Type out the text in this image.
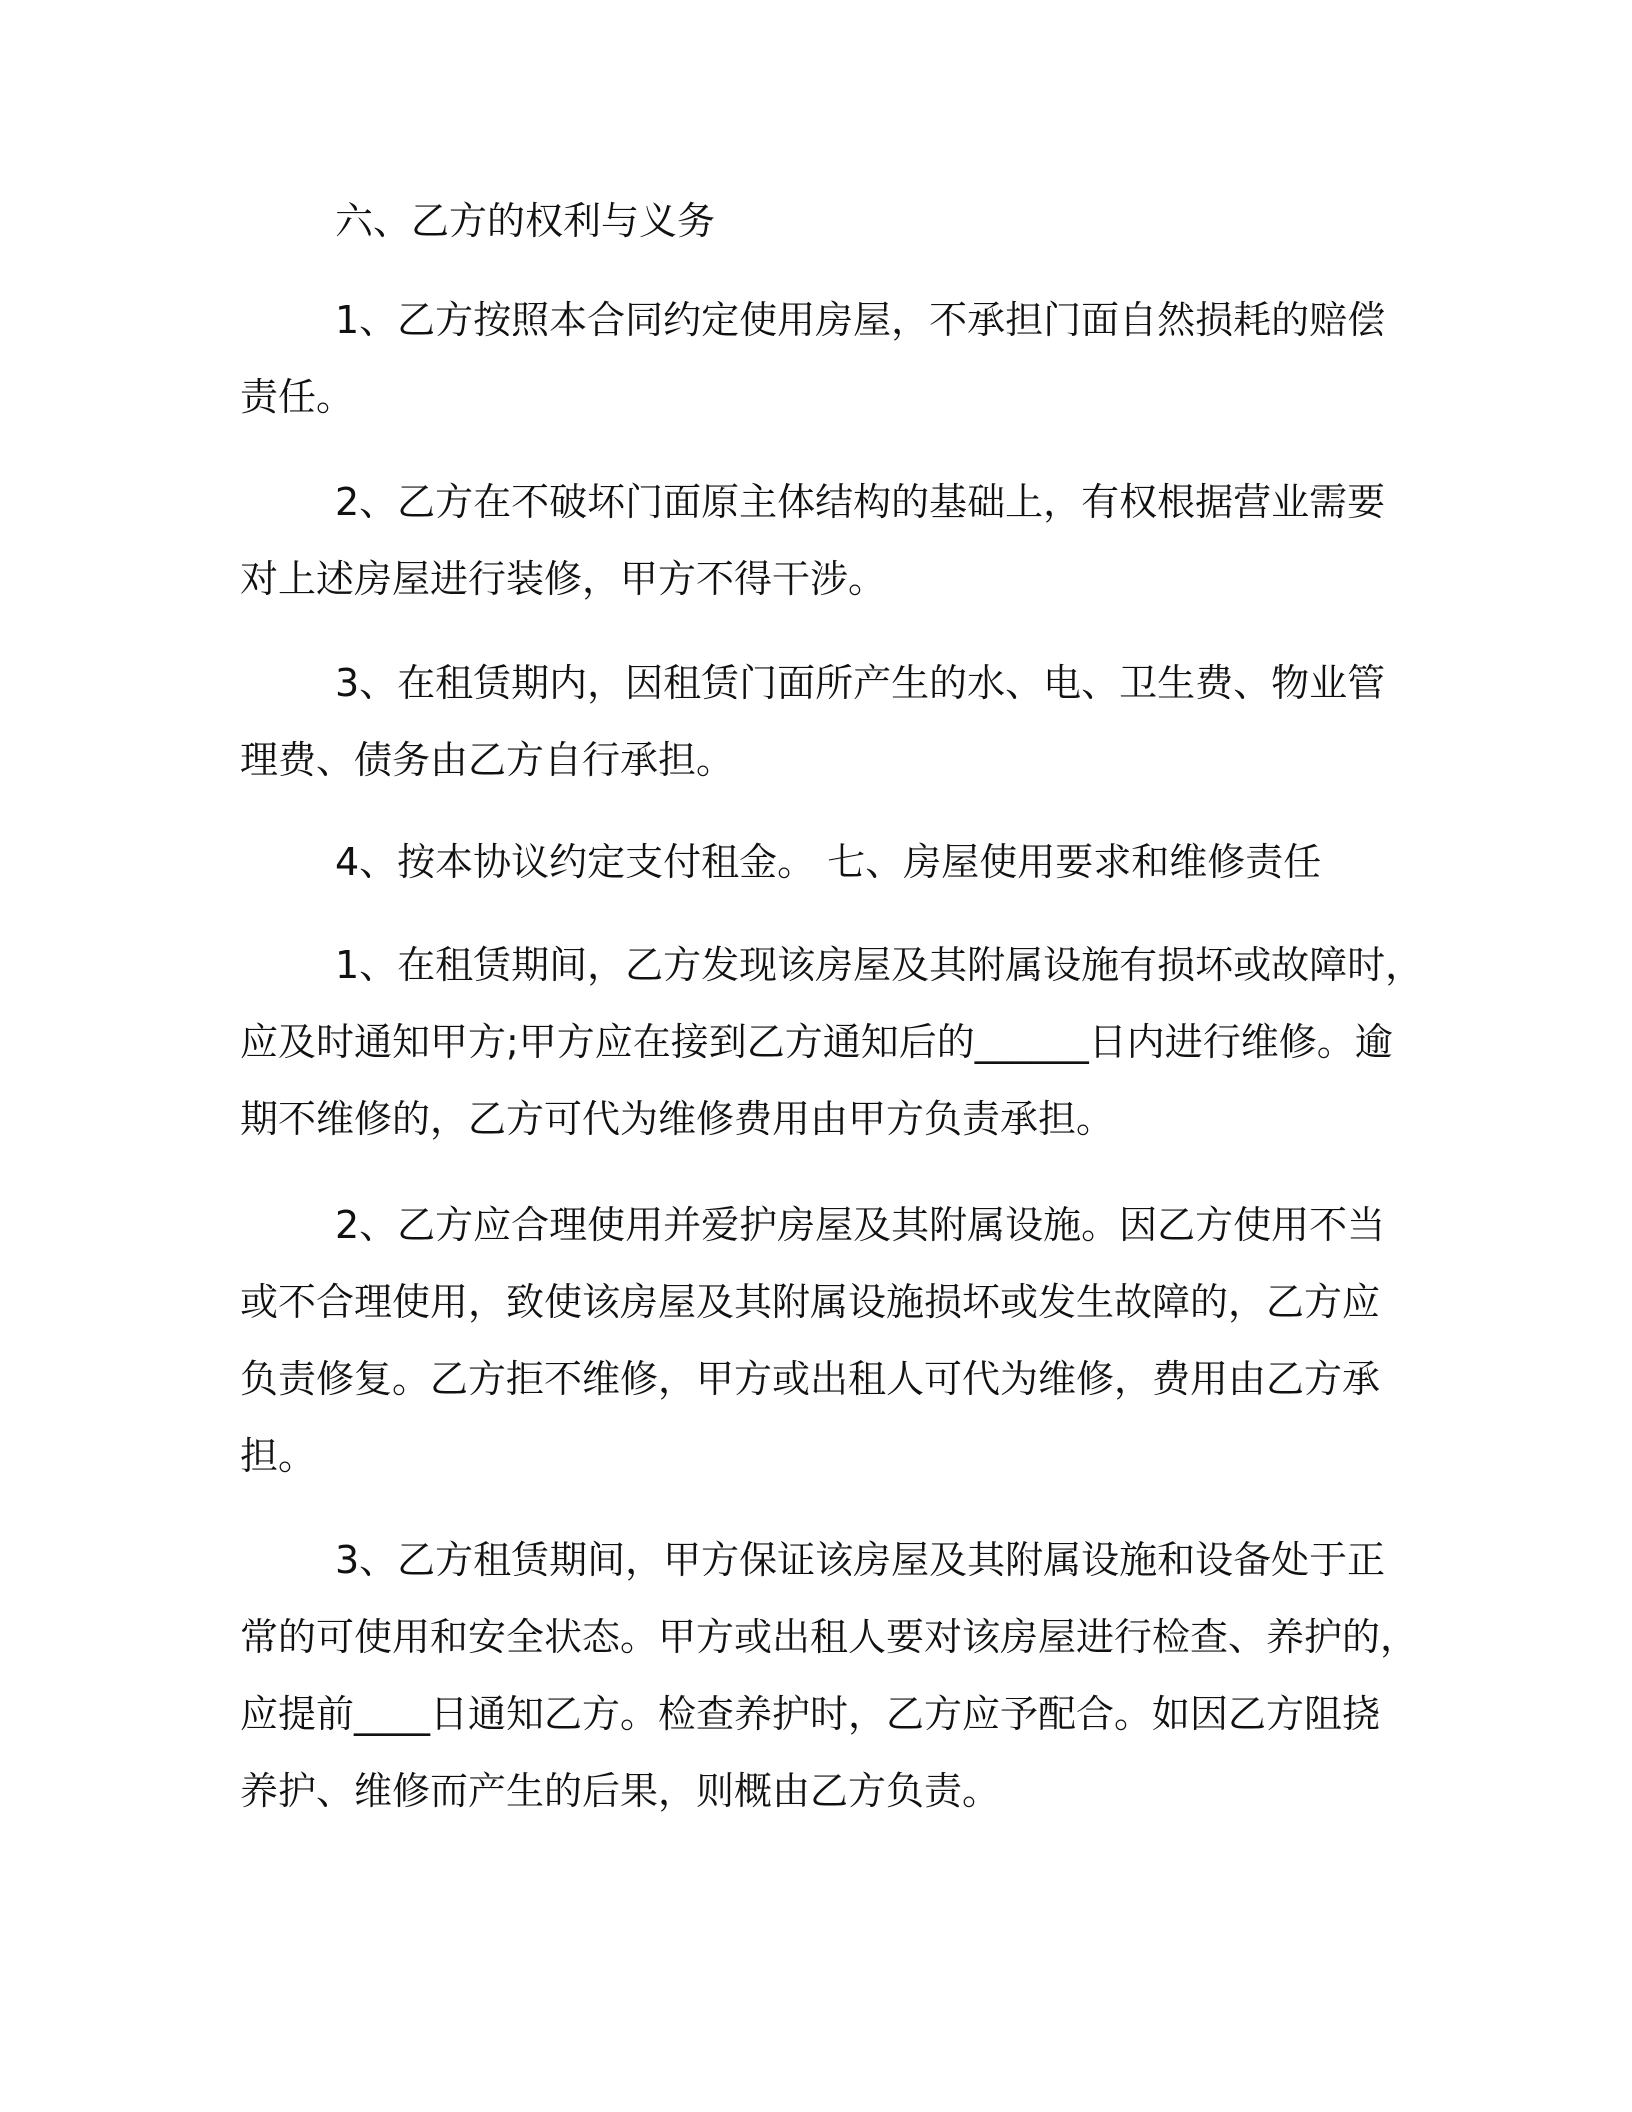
六、乙方的权利与义务

1、乙方按照本合同约定使用房屋，不承担门面自然损耗的赔偿

责任。

2、乙方在不破坏门面原主体结构的基础上，有权根据营业需要

对上述房屋进行装修，甲方不得干涉。

3、在租赁期内，因租赁门面所产生的水、电、卫生费、物业管

理费、债务由乙方自行承担。

4、按本协议约定支付租金。 七、房屋使用要求和维修责任

1、在租赁期间，乙方发现该房屋及其附属设施有损坏或故障时，

应及时通知甲方;甲方应在接到乙方通知后的______日内进行维修。逾

期不维修的，乙方可代为维修费用由甲方负责承担。

2、乙方应合理使用并爱护房屋及其附属设施。因乙方使用不当

或不合理使用，致使该房屋及其附属设施损坏或发生故障的，乙方应

负责修复。乙方拒不维修，甲方或出租人可代为维修，费用由乙方承

担。

3、乙方租赁期间，甲方保证该房屋及其附属设施和设备处于正

常的可使用和安全状态。甲方或出租人要对该房屋进行检查、养护的，

应提前____日通知乙方。检查养护时，乙方应予配合。如因乙方阻挠

养护、维修而产生的后果，则概由乙方负责。
